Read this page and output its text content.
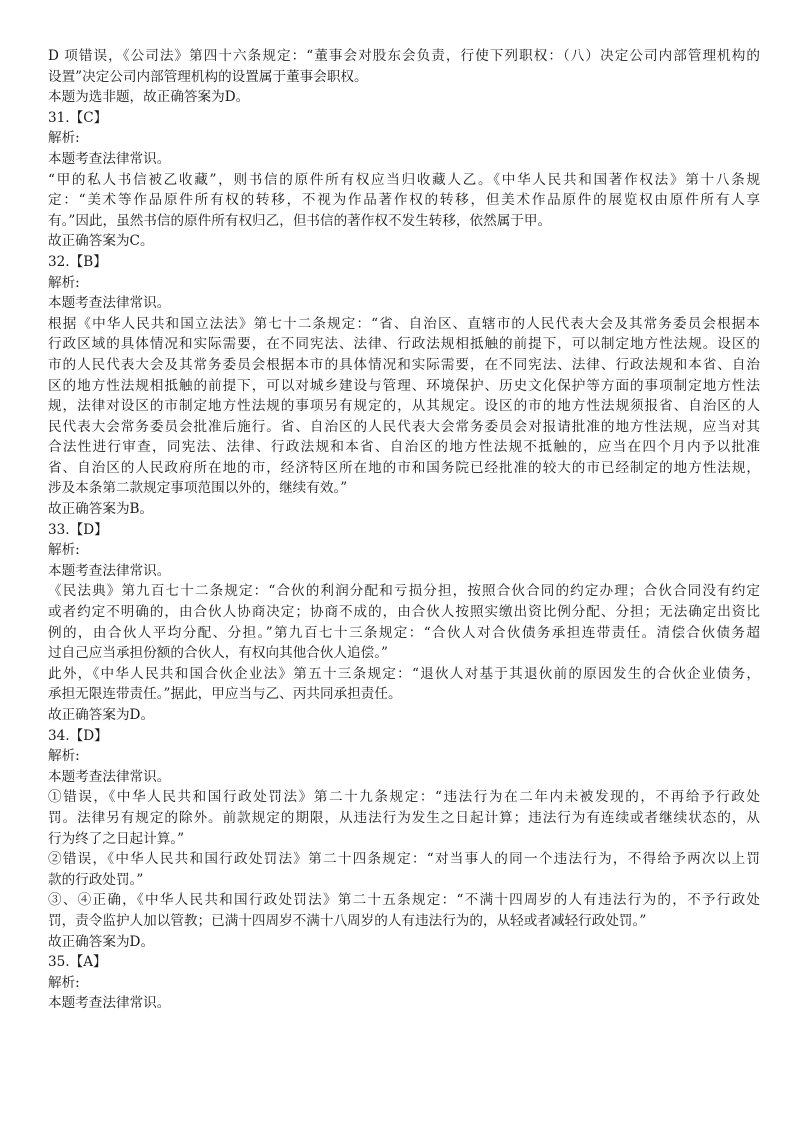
D 项错误，《公司法》第四十六条规定：“董事会对股东会负责，行使下列职权：（八）决定公司内部管理机构的
设置”决定公司内部管理机构的设置属于董事会职权。
本题为选非题，故正确答案为D。
31.【C】
解析:
本题考查法律常识。
“甲的私人书信被乙收藏”，则书信的原件所有权应当归收藏人乙。《中华人民共和国著作权法》第十八条规
定：“美术等作品原件所有权的转移，不视为作品著作权的转移，但美术作品原件的展览权由原件所有人享
有。”因此，虽然书信的原件所有权归乙，但书信的著作权不发生转移，依然属于甲。
故正确答案为C。
32.【B】
解析:
本题考查法律常识。
根据《中华人民共和国立法法》第七十二条规定：“省、自治区、直辖市的人民代表大会及其常务委员会根据本
行政区域的具体情况和实际需要，在不同宪法、法律、行政法规相抵触的前提下，可以制定地方性法规。设区的
市的人民代表大会及其常务委员会根据本市的具体情况和实际需要，在不同宪法、法律、行政法规和本省、自治
区的地方性法规相抵触的前提下，可以对城乡建设与管理、环境保护、历史文化保护等方面的事项制定地方性法
规，法律对设区的市制定地方性法规的事项另有规定的，从其规定。设区的市的地方性法规须报省、自治区的人
民代表大会常务委员会批准后施行。省、自治区的人民代表大会常务委员会对报请批准的地方性法规，应当对其
合法性进行审查，同宪法、法律、行政法规和本省、自治区的地方性法规不抵触的，应当在四个月内予以批准
省、自治区的人民政府所在地的市，经济特区所在地的市和国务院已经批准的较大的市已经制定的地方性法规，
涉及本条第二款规定事项范围以外的，继续有效。”
故正确答案为B。
33.【D】
解析:
本题考查法律常识。
《民法典》第九百七十二条规定：“合伙的利润分配和亏损分担，按照合伙合同的约定办理；合伙合同没有约定
或者约定不明确的，由合伙人协商决定；协商不成的，由合伙人按照实缴出资比例分配、分担；无法确定出资比
例的，由合伙人平均分配、分担。”第九百七十三条规定：“合伙人对合伙债务承担连带责任。清偿合伙债务超
过自己应当承担份额的合伙人，有权向其他合伙人追偿。”
此外，《中华人民共和国合伙企业法》第五十三条规定：“退伙人对基于其退伙前的原因发生的合伙企业债务，
承担无限连带责任。”据此，甲应当与乙、丙共同承担责任。
故正确答案为D。
34.【D】
解析:
本题考查法律常识。
①错误，《中华人民共和国行政处罚法》第二十九条规定：“违法行为在二年内未被发现的，不再给予行政处
罚。法律另有规定的除外。前款规定的期限，从违法行为发生之日起计算；违法行为有连续或者继续状态的，从
行为终了之日起计算。”
②错误，《中华人民共和国行政处罚法》第二十四条规定：“对当事人的同一个违法行为，不得给予两次以上罚
款的行政处罚。”
③、④正确，《中华人民共和国行政处罚法》第二十五条规定：“不满十四周岁的人有违法行为的，不予行政处
罚，责令监护人加以管教；已满十四周岁不满十八周岁的人有违法行为的，从轻或者减轻行政处罚。”
故正确答案为D。
35.【A】
解析:
本题考查法律常识。
